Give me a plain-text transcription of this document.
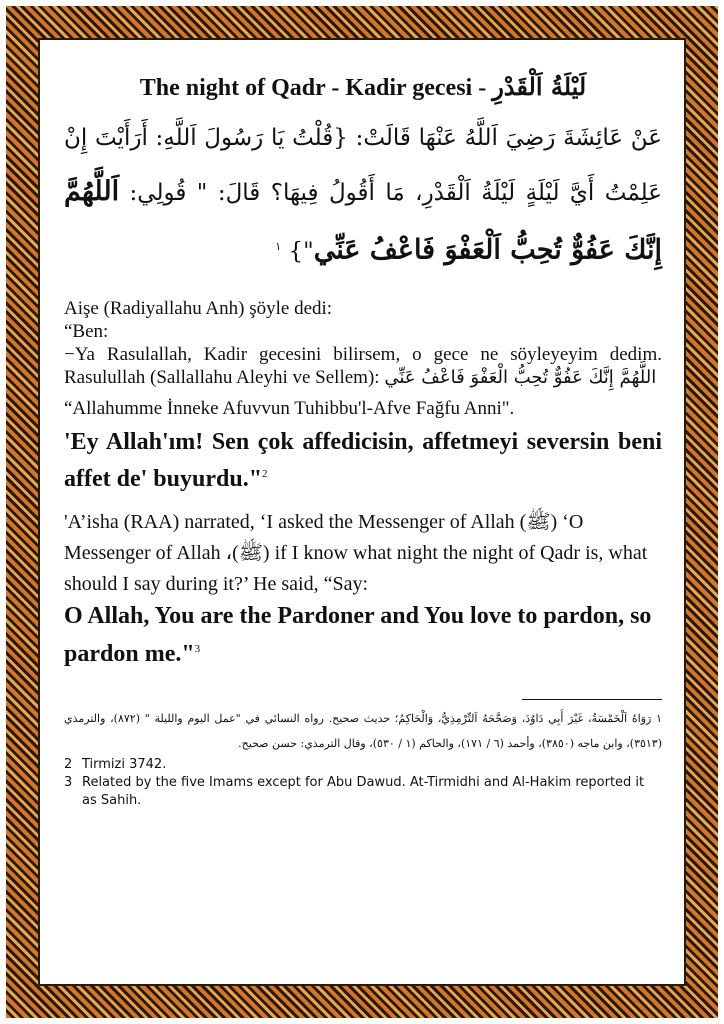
The night of Qadr - Kadir gecesi - لَيْلَةُ اَلْقَدْرِ
عَنْ عَائِشَةَ رَضِيَ اَللَّهُ عَنْهَا قَالَتْ: {قُلْتُ يَا رَسُولَ اَللَّهِ: أَرَأَيْتَ إِنْ عَلِمْتُ أَيَّ لَيْلَةٍ لَيْلَةُ اَلْقَدْرِ، مَا أَقُولُ فِيهَا؟ قَالَ: " قُولِي: اَللَّهُمَّ إِنَّكَ عَفُوٌّ تُحِبُّ اَلْعَفْوَ فَاعْفُ عَنِّي"} $^١$

Aişe (Radiyallahu Anh) şöyle dedi:

“Ben:

−Ya Rasulallah, Kadir gecesini bilirsem, o gece ne söyleyeyim dedim. Rasulullah (Sallallahu Aleyhi ve Sellem): اللَّهُمَّ إِنَّكَ عَفُوٌّ تُحِبُّ الْعَفْوَ فَاعْفُ عَنِّي

“Allahumme İnneke Afuvvun Tuhibbu'l-Afve Fağfu Anni".

'Ey Allah'ım! Sen çok affedicisin, affetmeyi seversin beni affet de' buyurdu."$^2$
'A’isha (RAA) narrated, ‘I asked the Messenger of Allah (ﷺ) ‘O Messenger of Allah ،(ﷺ) if I know what night the night of Qadr is, what should I say during it?’ He said, “Say:
O Allah, You are the Pardoner and You love to pardon, so pardon me."$^3$
١ رَوَاهُ اَلْخَمْسَةُ، غَيْرَ أَبِي دَاوُدَ، وَصَحَّحَهُ اَلتِّرْمِذِيُّ، وَالْحَاكِمُ؛ حديث صحيح. رواه النسائي في "عمل اليوم والليلة " (٨٧٢)، والترمذي (٣٥١٣)، وابن ماجه (٣٨٥٠)، وأحمد (٦ / ١٧١)، والحاكم (١ / ٥٣٠)، وقال الترمذي: حسن صحيح.
2 Tirmizi 3742.
3 Related by the five Imams except for Abu Dawud. At-Tirmidhi and Al-Hakim reported it as Sahih.
